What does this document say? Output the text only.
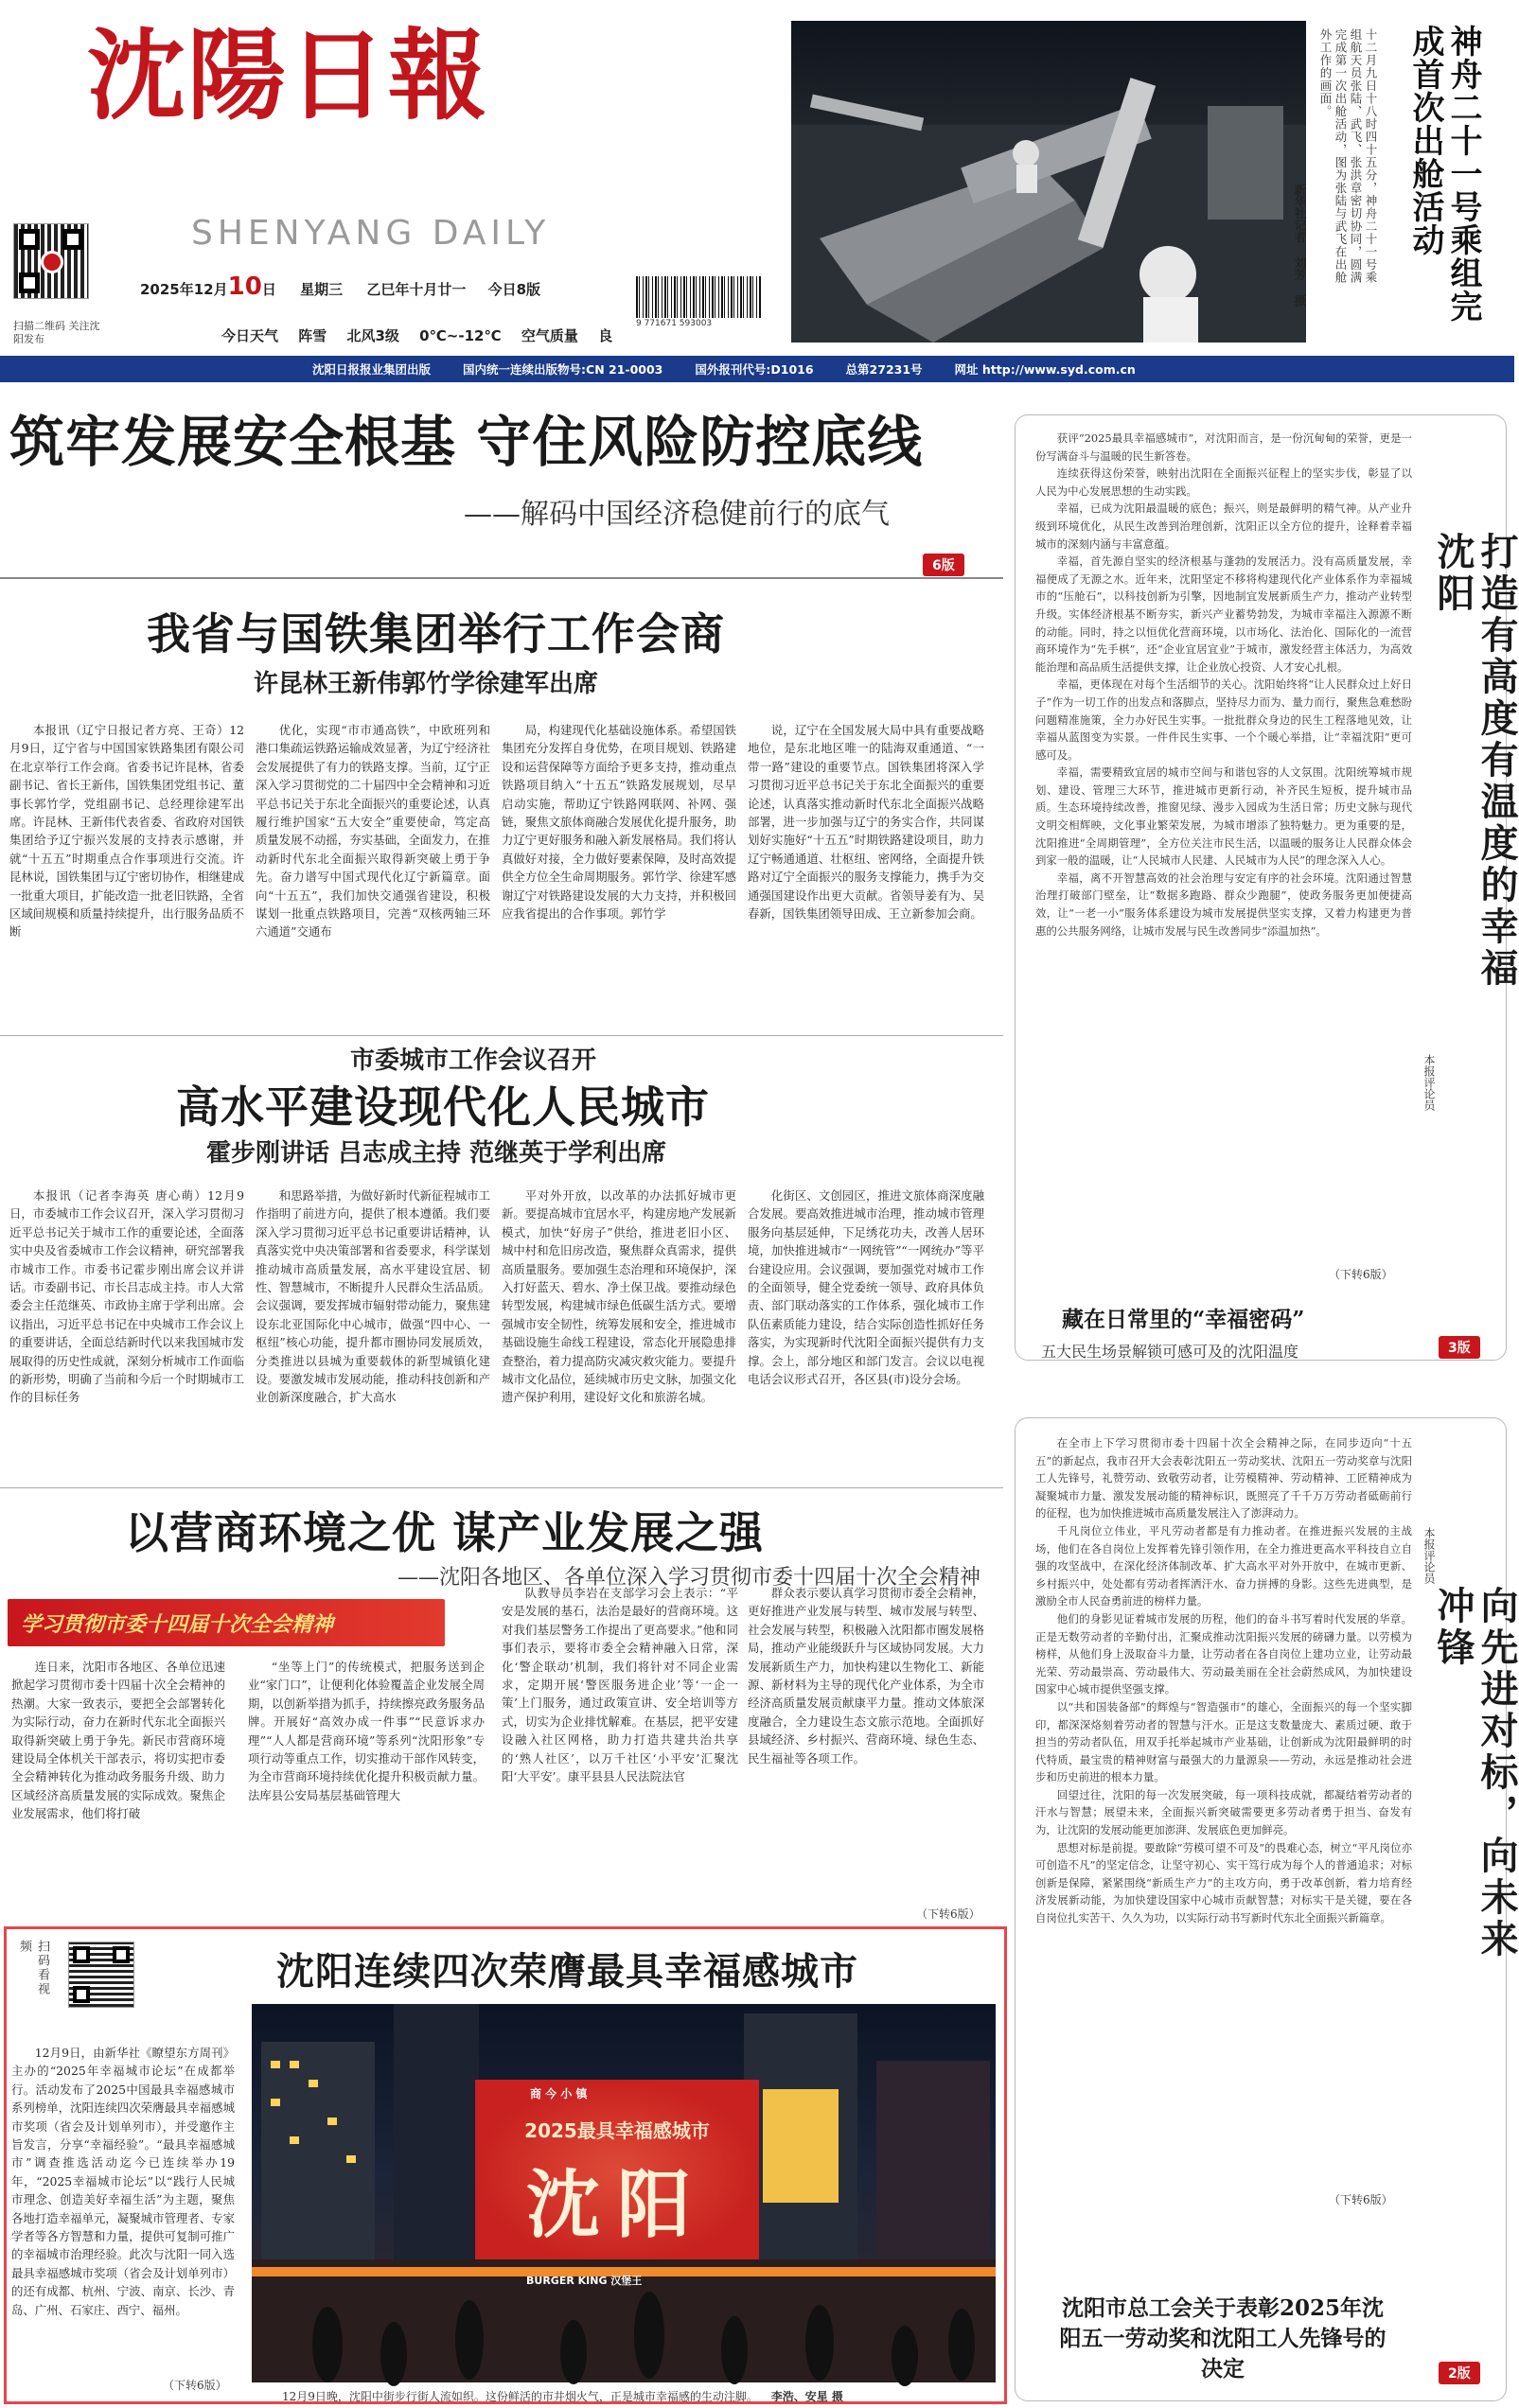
沈陽日報
SHENYANG DAILY
扫描二维码 关注沈阳发布
2025年12月10日 星期三 乙巳年十月廿一 今日8版
9 771671 593003
今日天气 阵雪 北风3级 0℃~-12℃ 空气质量 良
十二月九日十八时四十五分，神舟二十一号乘组航天员张陆、武飞、张洪章密切协同，圆满完成第一次出舱活动，图为张陆与武飞在出舱外工作的画面。
新华社记者 刘芳 摄	神舟二十一号乘组完成首次出舱活动
沈阳日报报业集团出版	国内统一连续出版物号:CN 21-0003	国外报刊代号:D1016	总第27231号	网址 http://www.syd.com.cn
筑牢发展安全根基 守住风险防控底线
——解码中国经济稳健前行的底气
6版
我省与国铁集团举行工作会商
许昆林王新伟郭竹学徐建军出席
本报讯（辽宁日报记者方亮、王奇）12月9日，辽宁省与中国国家铁路集团有限公司在北京举行工作会商。省委书记许昆林，省委副书记、省长王新伟，国铁集团党组书记、董事长郭竹学，党组副书记、总经理徐建军出席。许昆林、王新伟代表省委、省政府对国铁集团给予辽宁振兴发展的支持表示感谢，并就“十五五”时期重点合作事项进行交流。许昆林说，国铁集团与辽宁密切协作，相继建成一批重大项目，扩能改造一批老旧铁路，全省区域间规模和质量持续提升，出行服务品质不断
优化，实现“市市通高铁”，中欧班列和港口集疏运铁路运输成效显著，为辽宁经济社会发展提供了有力的铁路支撑。当前，辽宁正深入学习贯彻党的二十届四中全会精神和习近平总书记关于东北全面振兴的重要论述，认真履行维护国家“五大安全”重要使命，笃定高质量发展不动摇，夯实基础，全面发力，在推动新时代东北全面振兴取得新突破上勇于争先。奋力谱写中国式现代化辽宁新篇章。面向“十五五”，我们加快交通强省建设，积极谋划一批重点铁路项目，完善“双核两轴三环六通道”交通布
局，构建现代化基础设施体系。希望国铁集团充分发挥自身优势，在项目规划、铁路建设和运营保障等方面给予更多支持，推动重点铁路项目纳入“十五五”铁路发展规划，尽早启动实施，帮助辽宁铁路网联网、补网、强链，聚焦文旅体商融合发展优化提升服务，助力辽宁更好服务和融入新发展格局。我们将认真做好对接，全力做好要素保障，及时高效提供全方位全生命周期服务。郭竹学、徐建军感谢辽宁对铁路建设发展的大力支持，并积极回应我省提出的合作事项。郭竹学
说，辽宁在全国发展大局中具有重要战略地位，是东北地区唯一的陆海双重通道、“一带一路”建设的重要节点。国铁集团将深入学习贯彻习近平总书记关于东北全面振兴的重要论述，认真落实推动新时代东北全面振兴战略部署，进一步加强与辽宁的务实合作，共同谋划好实施好“十五五”时期铁路建设项目，助力辽宁畅通通道、壮枢纽、密网络，全面提升铁路对辽宁全面振兴的服务支撑能力，携手为交通强国建设作出更大贡献。省领导姜有为、吴春新，国铁集团领导田成、王立新参加会商。
市委城市工作会议召开
高水平建设现代化人民城市
霍步刚讲话 吕志成主持 范继英于学利出席
本报讯（记者李海英 唐心萌）12月9日，市委城市工作会议召开，深入学习贯彻习近平总书记关于城市工作的重要论述，全面落实中央及省委城市工作会议精神，研究部署我市城市工作。市委书记霍步刚出席会议并讲话。市委副书记、市长吕志成主持。市人大常委会主任范继英、市政协主席于学利出席。会议指出，习近平总书记在中央城市工作会议上的重要讲话，全面总结新时代以来我国城市发展取得的历史性成就，深刻分析城市工作面临的新形势，明确了当前和今后一个时期城市工作的目标任务
和思路举措，为做好新时代新征程城市工作指明了前进方向，提供了根本遵循。我们要深入学习贯彻习近平总书记重要讲话精神，认真落实党中央决策部署和省委要求，科学谋划推动城市高质量发展，高水平建设宜居、韧性、智慧城市，不断提升人民群众生活品质。会议强调，要发挥城市辐射带动能力，聚焦建设东北亚国际化中心城市，做强“四中心、一枢纽”核心功能，提升都市圈协同发展质效，分类推进以县城为重要载体的新型城镇化建设。要激发城市发展动能，推动科技创新和产业创新深度融合，扩大高水
平对外开放，以改革的办法抓好城市更新。要提高城市宜居水平，构建房地产发展新模式，加快“好房子”供给，推进老旧小区、城中村和危旧房改造，聚焦群众真需求，提供高质量服务。要加强生态治理和环境保护，深入打好蓝天、碧水、净土保卫战。要推动绿色转型发展，构建城市绿色低碳生活方式。要增强城市安全韧性，统筹发展和安全，推进城市基础设施生命线工程建设，常态化开展隐患排查整治，着力提高防灾减灾救灾能力。要提升城市文化品位，延续城市历史文脉，加强文化遗产保护利用，建设好文化和旅游名城。
化街区、文创园区，推进文旅体商深度融合发展。要高效推进城市治理，推动城市管理服务向基层延伸，下足绣花功夫，改善人居环境，加快推进城市“一网统管”“一网统办”等平台建设应用。会议强调，要加强党对城市工作的全面领导，健全党委统一领导、政府具体负责、部门联动落实的工作体系，强化城市工作队伍素质能力建设，结合实际创造性抓好任务落实，为实现新时代沈阳全面振兴提供有力支撑。会上，部分地区和部门发言。会议以电视电话会议形式召开，各区县(市)设分会场。
以营商环境之优 谋产业发展之强
——沈阳各地区、各单位深入学习贯彻市委十四届十次全会精神
学习贯彻市委十四届十次全会精神
连日来，沈阳市各地区、各单位迅速掀起学习贯彻市委十四届十次全会精神的热潮。大家一致表示，要把全会部署转化为实际行动，奋力在新时代东北全面振兴取得新突破上勇于争先。新民市营商环境建设局全体机关干部表示，将切实把市委全会精神转化为推动政务服务升级、助力区域经济高质量发展的实际成效。聚焦企业发展需求，他们将打破
“坐等上门”的传统模式，把服务送到企业“家门口”，让便利化体验覆盖企业发展全周期，以创新举措为抓手，持续擦亮政务服务品牌。开展好“高效办成一件事”“民意诉求办理”“人人都是营商环境”等系列“沈阳形象”专项行动等重点工作，切实推动干部作风转变，为全市营商环境持续优化提升积极贡献力量。法库县公安局基层基础管理大
队教导员李岩在支部学习会上表示：“平安是发展的基石，法治是最好的营商环境。这对我们基层警务工作提出了更高要求。”他和同事们表示，要将市委全会精神融入日常，深化‘警企联动’机制，我们将针对不同企业需求，定期开展‘警医服务进企业’等‘一企一策’上门服务，通过政策宣讲、安全培训等方式，切实为企业排忧解难。在基层，把平安建设融入社区网格，助力打造共建共治共享的‘熟人社区’，以万千社区‘小平安’汇聚沈阳‘大平安’。康平县县人民法院法官
群众表示要认真学习贯彻市委全会精神，更好推进产业发展与转型、城市发展与转型、社会发展与转型，积极融入沈阳都市圈发展格局，推动产业能级跃升与区域协同发展。大力发展新质生产力，加快构建以生物化工、新能源、新材料为主导的现代化产业体系，为全市经济高质量发展贡献康平力量。推动文体旅深度融合，全力建设生态文旅示范地。全面抓好县域经济、乡村振兴、营商环境、绿色生态、民生福祉等各项工作。
（下转6版）
沈阳连续四次荣膺最具幸福感城市
扫码看视频
12月9日，由新华社《瞭望东方周刊》主办的“2025年幸福城市论坛”在成都举行。活动发布了2025中国最具幸福感城市系列榜单，沈阳连续四次荣膺最具幸福感城市奖项（省会及计划单列市），并受邀作主旨发言，分享“幸福经验”。“最具幸福感城市”调查推选活动迄今已连续举办19年，“2025幸福城市论坛”以“践行人民城市理念、创造美好幸福生活”为主题，聚焦各地打造幸福单元，凝聚城市管理者、专家学者等各方智慧和力量，提供可复制可推广的幸福城市治理经验。此次与沈阳一同入选最具幸福感城市奖项（省会及计划单列市）的还有成都、杭州、宁波、南京、长沙、青岛、广州、石家庄、西宁、福州。
（下转6版）
2025最具幸福感城市
沈阳
商 今 小 镇
BURGER KING 汉堡王
12月9日晚，沈阳中街步行街人流如织。这份鲜活的市井烟火气，正是城市幸福感的生动注脚。 李浩、安星 摄
打造有高度有温度的幸福沈阳
本报评论员

获评“2025最具幸福感城市”，对沈阳而言，是一份沉甸甸的荣誉，更是一份写满奋斗与温暖的民生新答卷。

连续获得这份荣誉，映射出沈阳在全面振兴征程上的坚实步伐，彰显了以人民为中心发展思想的生动实践。

幸福，已成为沈阳最温暖的底色；振兴，则是最鲜明的精气神。从产业升级到环境优化，从民生改善到治理创新，沈阳正以全方位的提升，诠释着幸福城市的深刻内涵与丰富意蕴。

幸福，首先源自坚实的经济根基与蓬勃的发展活力。没有高质量发展，幸福便成了无源之水。近年来，沈阳坚定不移将构建现代化产业体系作为幸福城市的“压舱石”，以科技创新为引擎，因地制宜发展新质生产力，推动产业转型升级。实体经济根基不断夯实，新兴产业蓄势勃发，为城市幸福注入源源不断的动能。同时，持之以恒优化营商环境，以市场化、法治化、国际化的一流营商环境作为“先手棋”，还“企业宜居宜业”于城市，激发经营主体活力，为高效能治理和高品质生活提供支撑，让企业放心投资、人才安心扎根。

幸福，更体现在对每个生活细节的关心。沈阳始终将“让人民群众过上好日子”作为一切工作的出发点和落脚点，坚持尽力而为、量力而行，聚焦急难愁盼问题精准施策，全力办好民生实事。一批批群众身边的民生工程落地见效，让幸福从蓝图变为实景。一件件民生实事、一个个暖心举措，让“幸福沈阳”更可感可及。

幸福，需要精致宜居的城市空间与和谐包容的人文氛围。沈阳统筹城市规划、建设、管理三大环节，推进城市更新行动，补齐民生短板，提升城市品质。生态环境持续改善，推窗见绿、漫步入园成为生活日常；历史文脉与现代文明交相辉映，文化事业繁荣发展，为城市增添了独特魅力。更为重要的是，沈阳推进“全周期管理”，全方位关注市民生活，以温暖的服务让人民群众体会到家一般的温暖，让“人民城市人民建、人民城市为人民”的理念深入人心。

幸福，离不开智慧高效的社会治理与安定有序的社会环境。沈阳通过智慧治理打破部门壁垒，让“数据多跑路、群众少跑腿”，使政务服务更加便捷高效，让“一老一小”服务体系建设为城市发展提供坚实支撑，又着力构建更为普惠的公共服务网络，让城市发展与民生改善同步“添温加热”。

（下转6版）
藏在日常里的“幸福密码”
五大民生场景解锁可感可及的沈阳温度	3版
向先进对标，向未来冲锋
本报评论员

在全市上下学习贯彻市委十四届十次全会精神之际，在同步迈向“十五五”的新起点，我市召开大会表彰沈阳五一劳动奖状、沈阳五一劳动奖章与沈阳工人先锋号，礼赞劳动、致敬劳动者，让劳模精神、劳动精神、工匠精神成为凝聚城市力量、激发发展动能的精神标识，既照亮了千千万万劳动者砥砺前行的征程，也为加快推进城市高质量发展注入了澎湃动力。

千凡岗位立伟业，平凡劳动者都是有力推动者。在推进振兴发展的主战场，他们在各自岗位上发挥着先锋引领作用，在全力推进更高水平科技自立自强的攻坚战中，在深化经济体制改革、扩大高水平对外开放中，在城市更新、乡村振兴中，处处都有劳动者挥洒汗水、奋力拼搏的身影。这些先进典型，是激励全市人民奋勇前进的榜样力量。

他们的身影见证着城市发展的历程，他们的奋斗书写着时代发展的华章。正是无数劳动者的辛勤付出，汇聚成推动沈阳振兴发展的磅礴力量。以劳模为榜样，从他们身上汲取奋斗力量，让劳动者在各自岗位上建功立业，让劳动最光荣、劳动最崇高、劳动最伟大、劳动最美丽在全社会蔚然成风，为加快建设国家中心城市提供坚强支撑。

以“共和国装备部”的辉煌与“智造强市”的雄心，全面振兴的每一个坚实脚印，都深深烙刻着劳动者的智慧与汗水。正是这支数量庞大、素质过硬、敢于担当的劳动者队伍，用双手托举起城市产业基础，让创新成为沈阳最鲜明的时代特质，最宝贵的精神财富与最强大的力量源泉——劳动，永远是推动社会进步和历史前进的根本力量。

回望过往，沈阳的每一次发展突破，每一项科技成就，都凝结着劳动者的汗水与智慧；展望未来，全面振兴新突破需要更多劳动者勇于担当、奋发有为，让沈阳的发展动能更加澎湃、发展底色更加鲜亮。

思想对标是前提。要敢除“劳模可望不可及”的畏难心态，树立“平凡岗位亦可创造不凡”的坚定信念，让坚守初心、实干笃行成为每个人的普通追求；对标创新是保障，紧紧围绕“新质生产力”的主攻方向，勇于改革创新，着力培育经济发展新动能，为加快建设国家中心城市贡献智慧；对标实干是关键，要在各自岗位扎实苦干、久久为功，以实际行动书写新时代东北全面振兴新篇章。

（下转6版）
沈阳市总工会关于表彰2025年沈阳五一劳动奖和沈阳工人先锋号的决定	2版
